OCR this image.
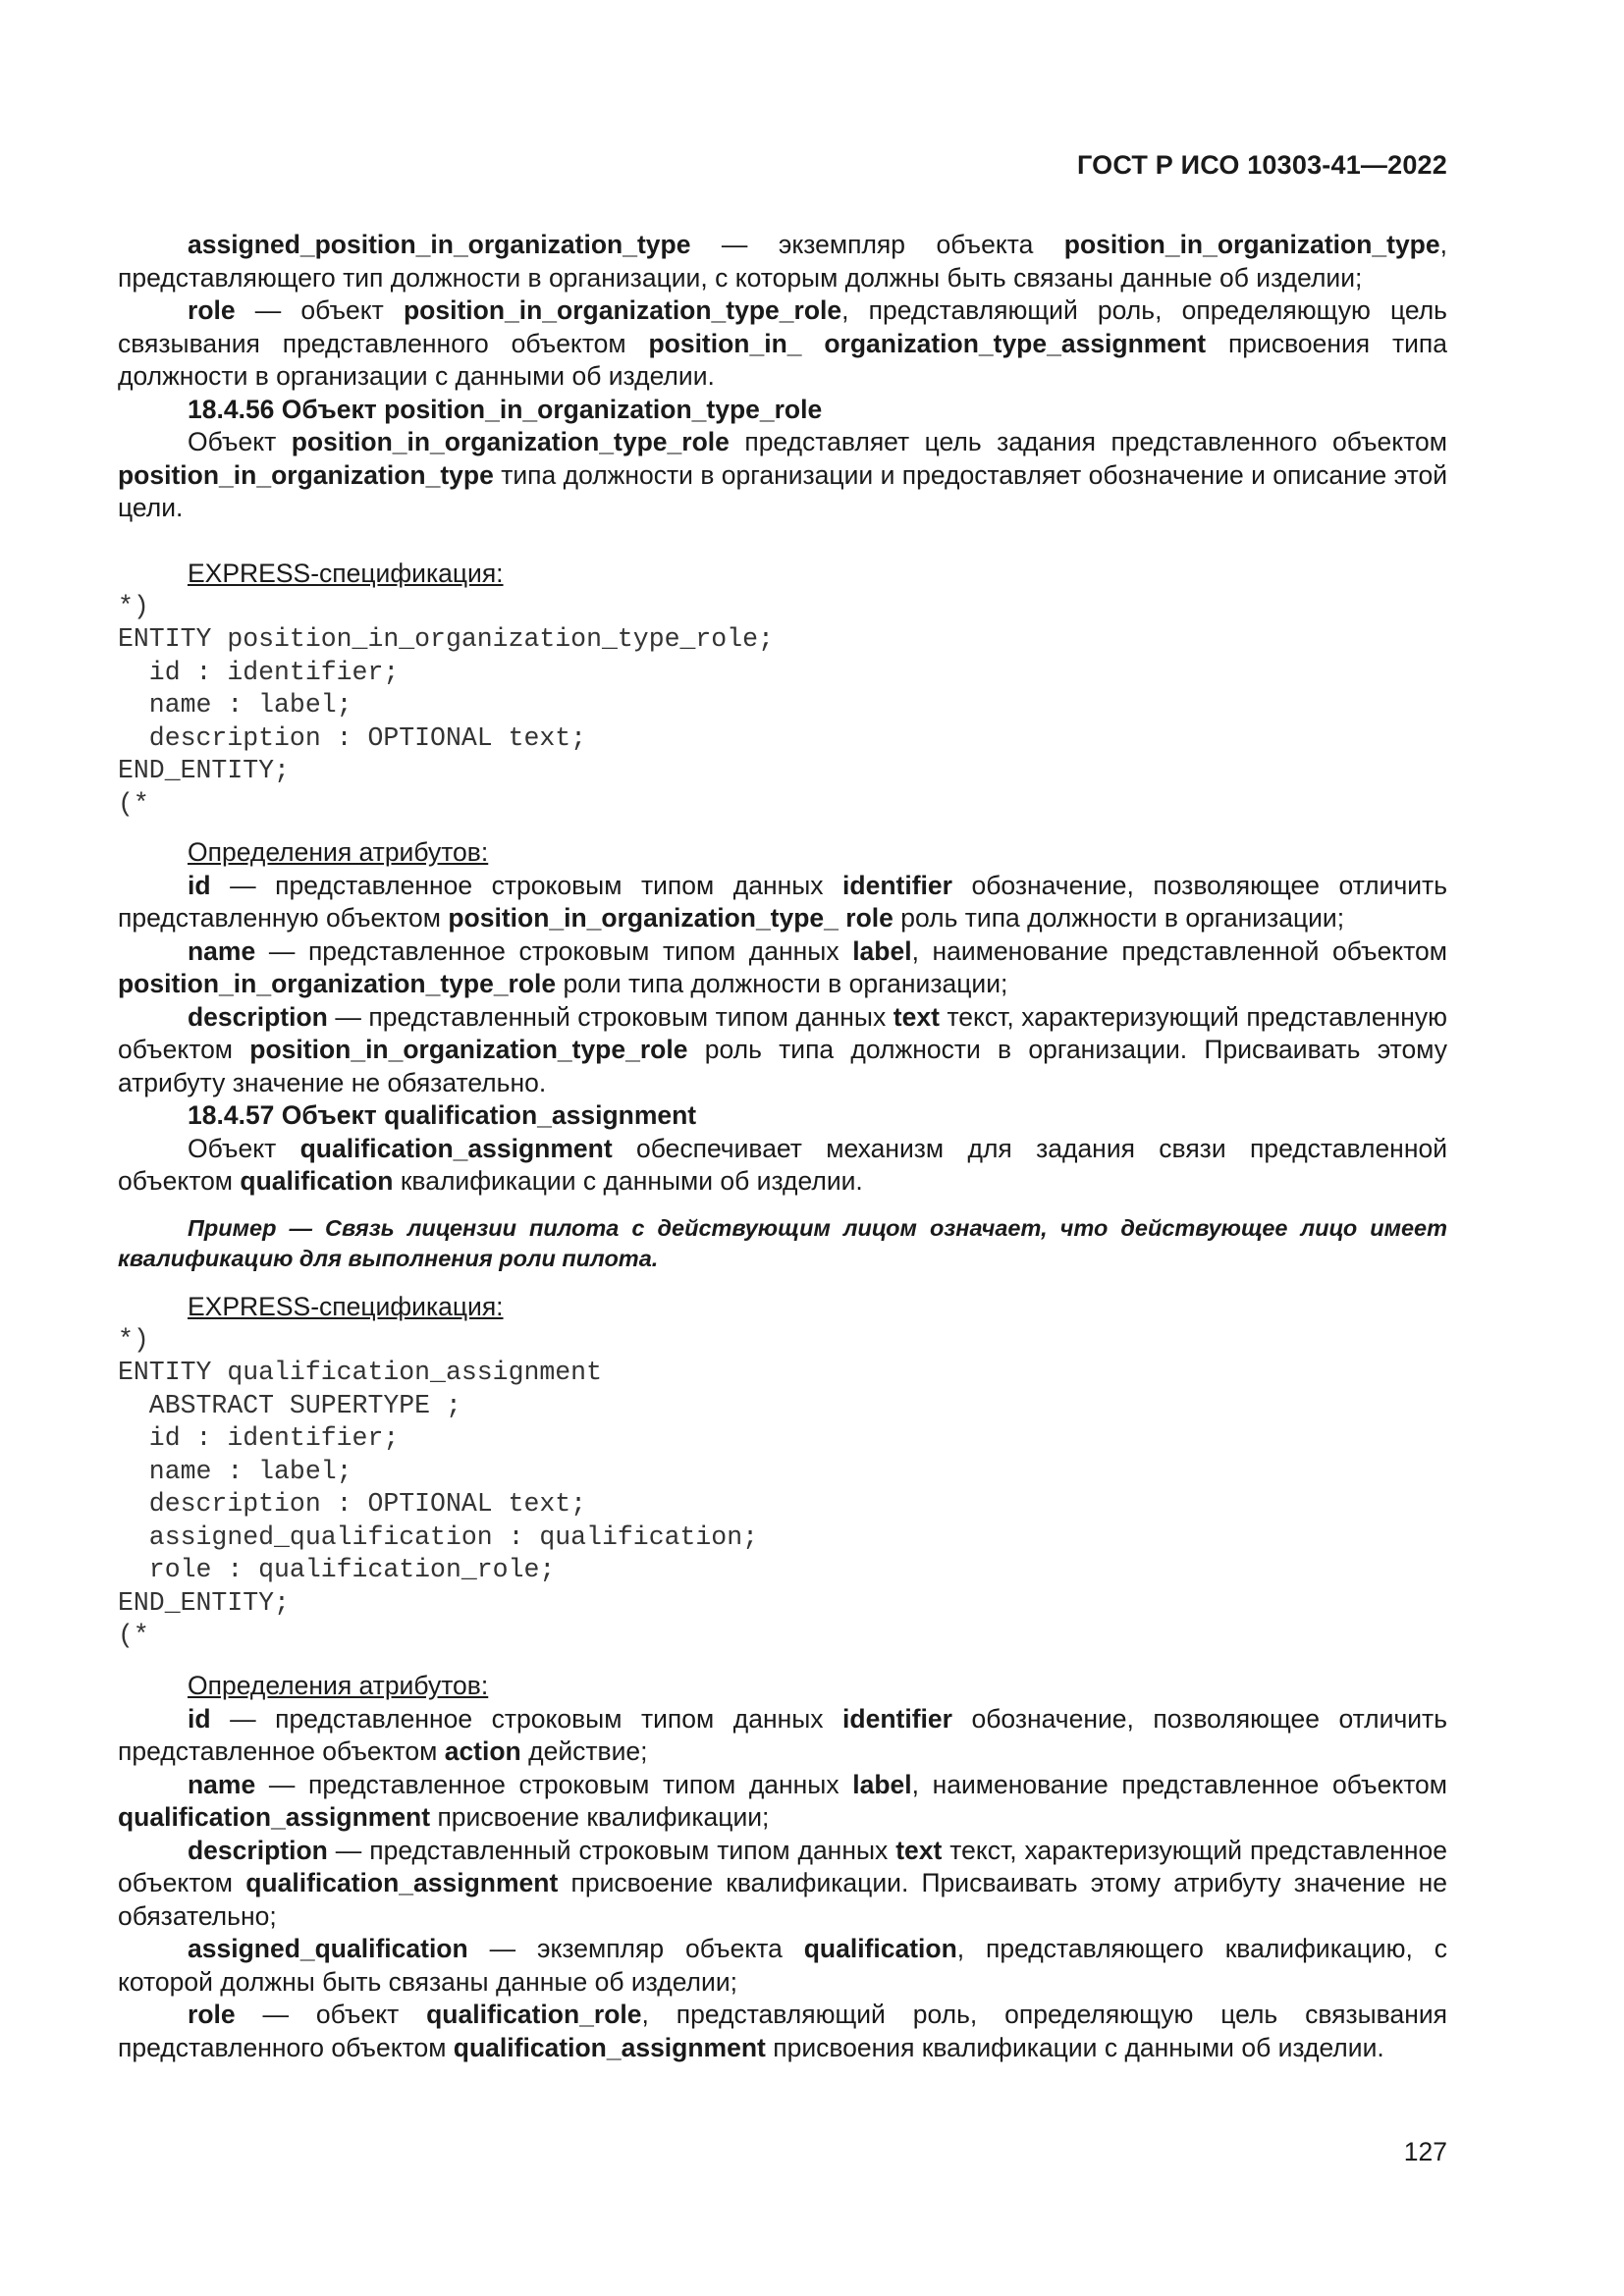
ГОСТ Р ИСО 10303-41—2022

assigned_position_in_organization_type — экземпляр объекта position_in_organization_type, представляющего тип должности в организации, с которым должны быть связаны данные об изделии;

role — объект position_in_organization_type_role, представляющий роль, определяющую цель связывания представленного объектом position_in_ organization_type_assignment присвоения типа должности в организации с данными об изделии.

18.4.56 Объект position_in_organization_type_role

Объект position_in_organization_type_role представляет цель задания представленного объектом position_in_organization_type типа должности в организации и предоставляет обозначение и описание этой цели.

EXPRESS-спецификация:

*)
ENTITY position_in_organization_type_role;
id : identifier;
name : label;
description : OPTIONAL text;
END_ENTITY;
(*

Определения атрибутов:

id — представленное строковым типом данных identifier обозначение, позволяющее отличить представленную объектом position_in_organization_type_ role роль типа должности в организации;

name — представленное строковым типом данных label, наименование представленной объектом position_in_organization_type_role роли типа должности в организации;

description — представленный строковым типом данных text текст, характеризующий представленную объектом position_in_organization_type_role роль типа должности в организации. Присваивать этому атрибуту значение не обязательно.

18.4.57 Объект qualification_assignment

Объект qualification_assignment обеспечивает механизм для задания связи представленной объектом qualification квалификации с данными об изделии.

Пример — Связь лицензии пилота с действующим лицом означает, что действующее лицо имеет квалификацию для выполнения роли пилота.

EXPRESS-спецификация:

*)
ENTITY qualification_assignment
ABSTRACT SUPERTYPE ;
id : identifier;
name : label;
description : OPTIONAL text;
assigned_qualification : qualification;
role : qualification_role;
END_ENTITY;
(*

Определения атрибутов:

id — представленное строковым типом данных identifier обозначение, позволяющее отличить представленное объектом action действие;

name — представленное строковым типом данных label, наименование представленное объектом qualification_assignment присвоение квалификации;

description — представленный строковым типом данных text текст, характеризующий представленное объектом qualification_assignment присвоение квалификации. Присваивать этому атрибуту значение не обязательно;

assigned_qualification — экземпляр объекта qualification, представляющего квалификацию, с которой должны быть связаны данные об изделии;

role — объект qualification_role, представляющий роль, определяющую цель связывания представленного объектом qualification_assignment присвоения квалификации с данными об изделии.

127
